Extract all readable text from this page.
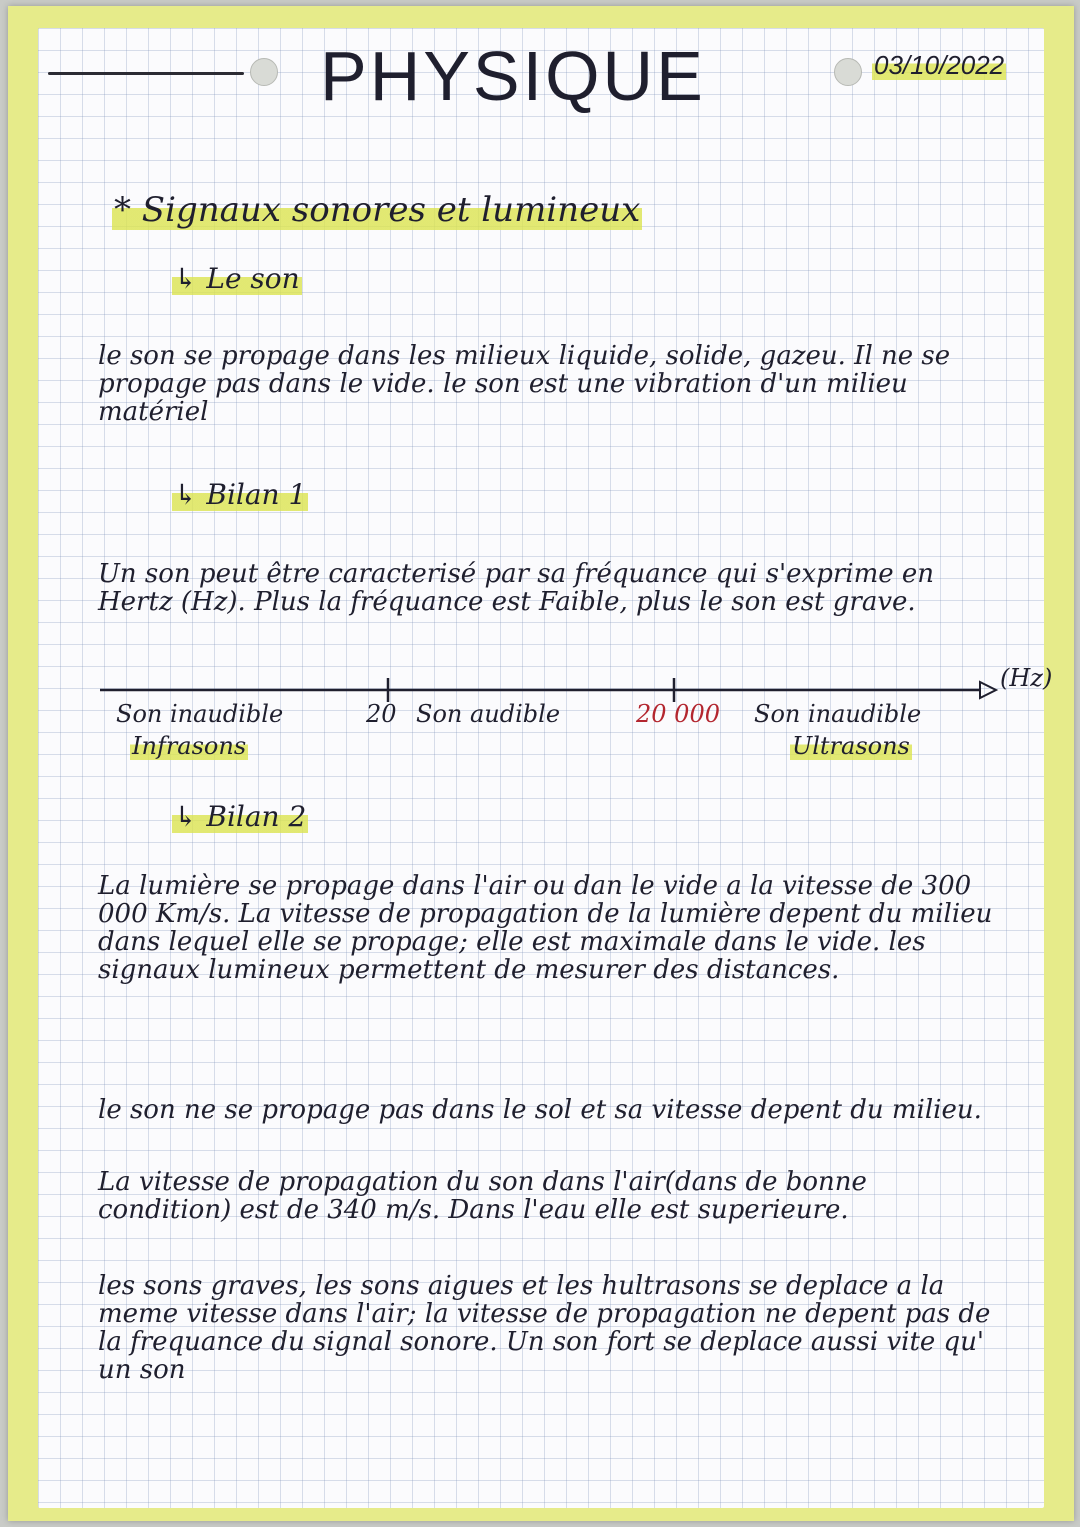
PHYSIQUE	03/10/2022
* Signaux sonores et lumineux
↳ Le son

le son se propage dans les milieux liquide, solide, gazeu. Il ne se propage pas dans le vide. le son est une vibration d'un milieu matériel

↳ Bilan 1

Un son peut être caracterisé par sa fréquance qui s'exprime en Hertz (Hz). Plus la fréquance est Faible, plus le son est grave.

(Hz)
Son inaudible	20 Son audible	20 000 Son inaudible
Infrasons	Ultrasons
↳ Bilan 2

La lumière se propage dans l'air ou dan le vide a la vitesse de 300 000 Km/s. La vitesse de propagation de la lumière depent du milieu dans lequel elle se propage; elle est maximale dans le vide. les signaux lumineux permettent de mesurer des distances.

le son ne se propage pas dans le sol et sa vitesse depent du milieu.

La vitesse de propagation du son dans l'air(dans de bonne condition) est de 340 m/s. Dans l'eau elle est superieure.

les sons graves, les sons aigues et les hultrasons se deplace a la meme vitesse dans l'air; la vitesse de propagation ne depent pas de la frequance du signal sonore. Un son fort se deplace aussi vite qu' un son
